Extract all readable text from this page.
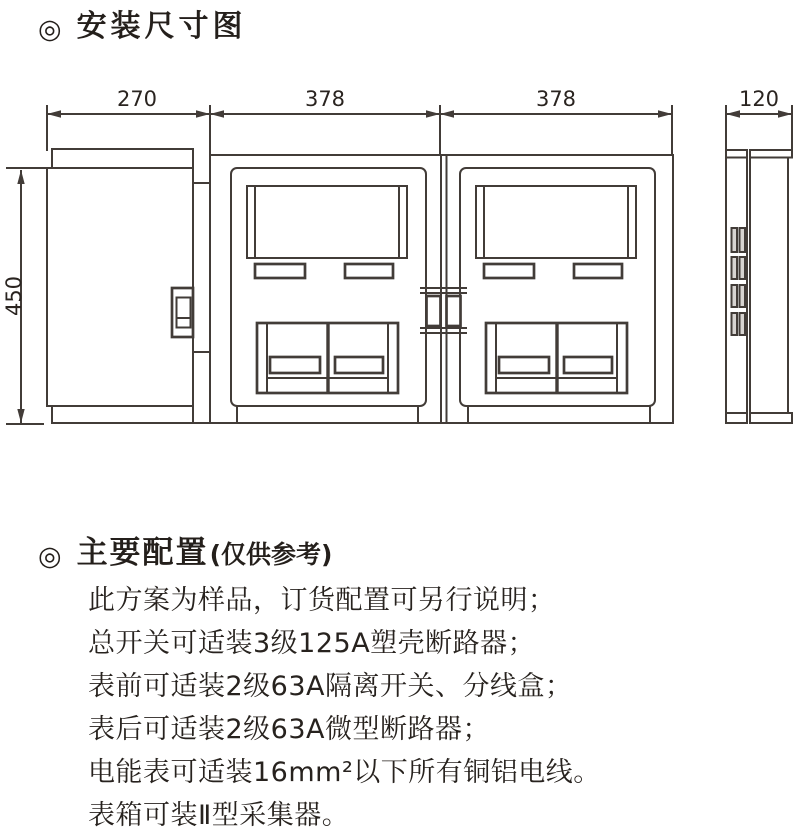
◎ 安装尺寸图
270	378	378	120
450
◎ 主要配置(仅供参考)
此方案为样品，订货配置可另行说明；
总开关可适装3级125A塑壳断路器；
表前可适装2级63A隔离开关、分线盒；
表后可适装2级63A微型断路器；
电能表可适装16mm²以下所有铜铝电线。
表箱可装Ⅱ型采集器。
